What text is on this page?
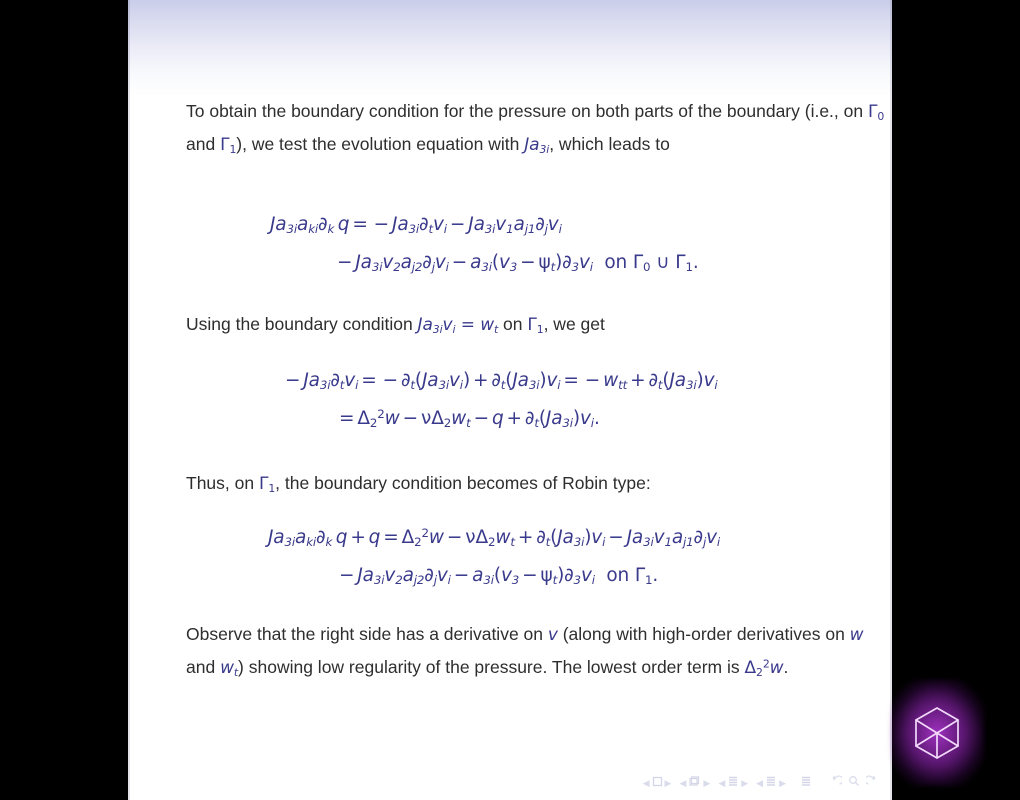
To obtain the boundary condition for the pressure on both parts of the boundary (i.e., on $\Gamma_0$ and $\Gamma_1$), we test the evolution equation with $Ja_{3i}$, which leads to
$Ja_{3i}a_{ki}\partial_k$ q = − $Ja_{3i}\partial_tv_i - Ja_{3i}v_1a_{j1}\partial_jv_i$
− $Ja_{3i}v_2a_{j2}\partial_jv_i - a_{3i}(v_3 - \psi_t)\partial_3v_i$ on $\Gamma_0$ ∪ $\Gamma_1$.
Using the boundary condition $Ja_{3i}v_i = w_t$ on $\Gamma_1$, we get
− $Ja_{3i}\partial_tv_i$ = − $\partial_t(Ja_{3i}v_i) + \partial_t(Ja_{3i})v_i$ = − $w_{tt} + \partial_t(Ja_{3i})v_i$
= $\Delta_2^2w - \nu\Delta_2w_t - q + \partial_t(Ja_{3i})v_i$.
Thus, on $\Gamma_1$, the boundary condition becomes of Robin type:
$Ja_{3i}a_{ki}\partial_k$ $q + q = \Delta_2^2w - \nu\Delta_2w_t + \partial_t(Ja_{3i})v_i - Ja_{3i}v_1a_{j1}\partial_jv_i$
− $Ja_{3i}v_2a_{j2}\partial_jv_i - a_{3i}(v_3 - \psi_t)\partial_3v_i$ on $\Gamma_1$.
Observe that the right side has a derivative on v (along with high-order derivatives on w and $w_t$) showing low regularity of the pressure. The lowest order term is $\Delta_2^2w$.
◀ ▶ ◀ ▶ ◀ ▶ ◀ ▶
